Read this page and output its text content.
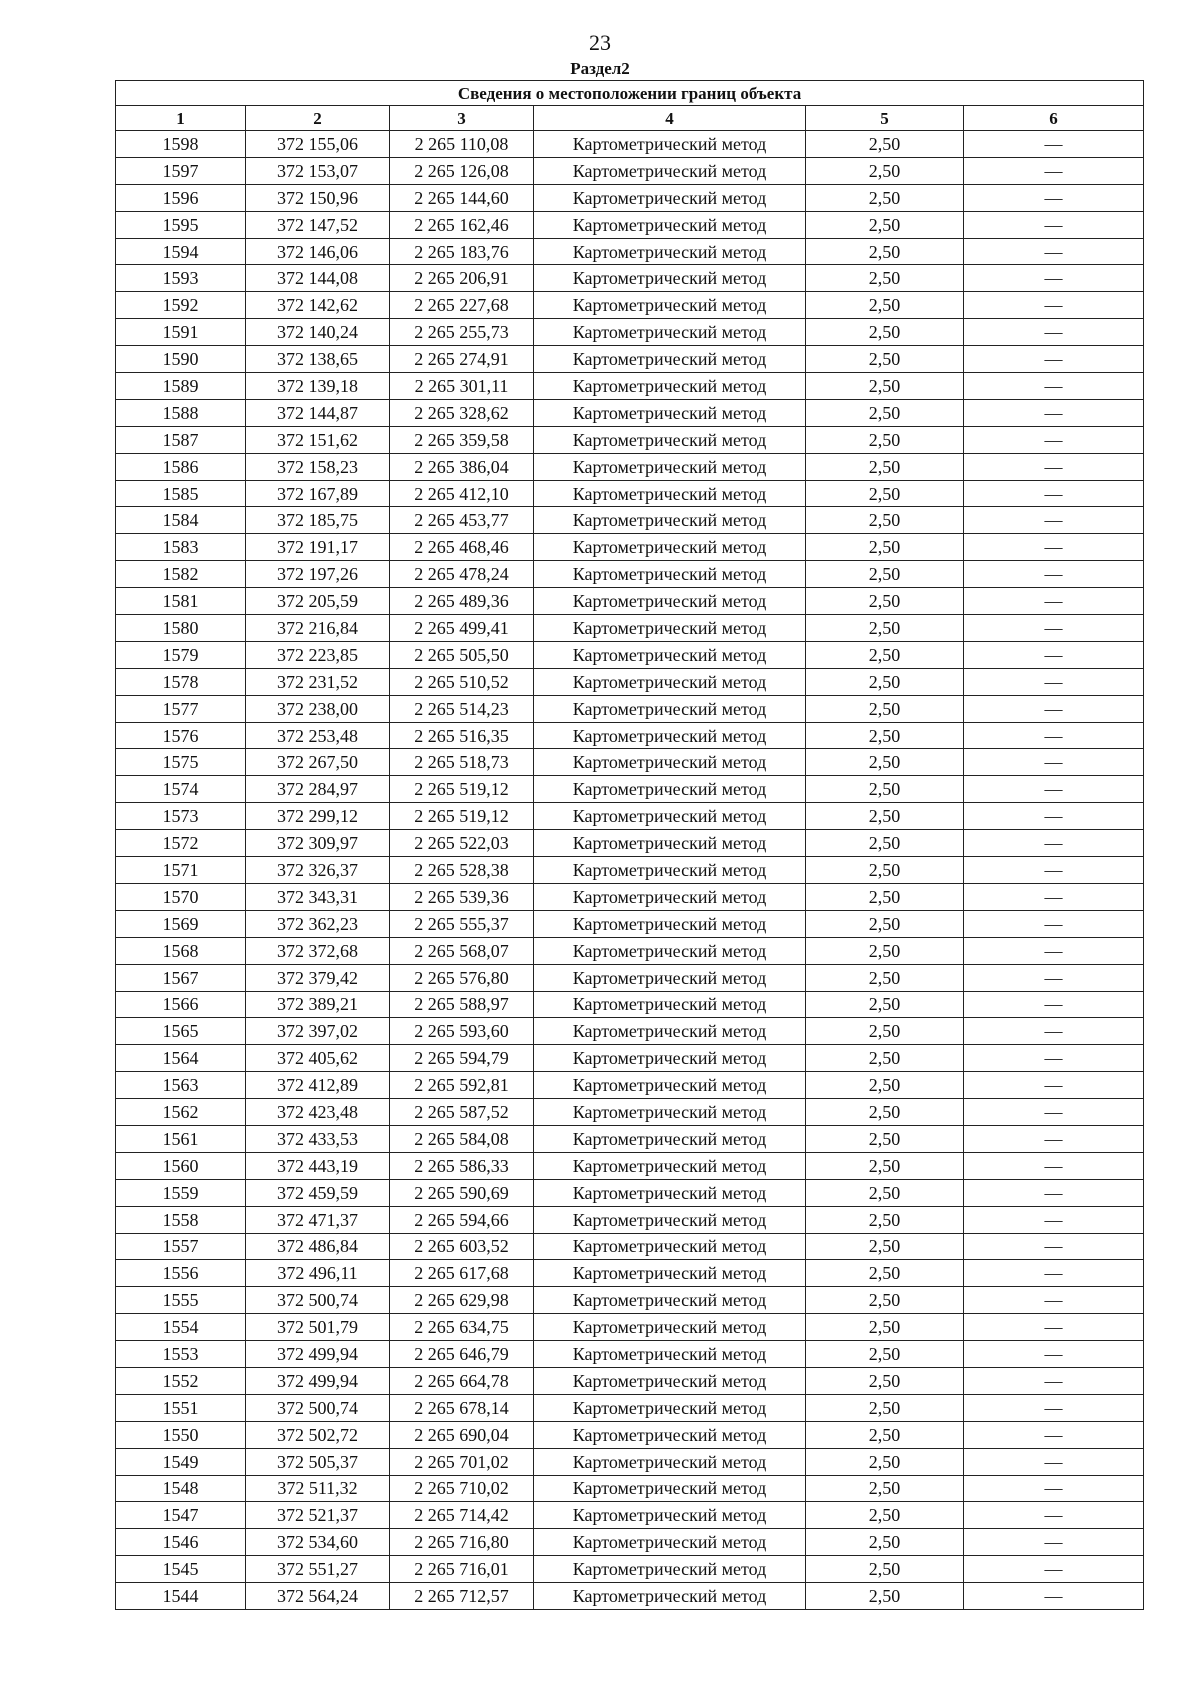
23
Раздел2
Сведения о местоположении границ объекта					
1	2	3	4	5	6
1598	372 155,06	2 265 110,08	Картометрический метод	2,50	—
1597	372 153,07	2 265 126,08	Картометрический метод	2,50	—
1596	372 150,96	2 265 144,60	Картометрический метод	2,50	—
1595	372 147,52	2 265 162,46	Картометрический метод	2,50	—
1594	372 146,06	2 265 183,76	Картометрический метод	2,50	—
1593	372 144,08	2 265 206,91	Картометрический метод	2,50	—
1592	372 142,62	2 265 227,68	Картометрический метод	2,50	—
1591	372 140,24	2 265 255,73	Картометрический метод	2,50	—
1590	372 138,65	2 265 274,91	Картометрический метод	2,50	—
1589	372 139,18	2 265 301,11	Картометрический метод	2,50	—
1588	372 144,87	2 265 328,62	Картометрический метод	2,50	—
1587	372 151,62	2 265 359,58	Картометрический метод	2,50	—
1586	372 158,23	2 265 386,04	Картометрический метод	2,50	—
1585	372 167,89	2 265 412,10	Картометрический метод	2,50	—
1584	372 185,75	2 265 453,77	Картометрический метод	2,50	—
1583	372 191,17	2 265 468,46	Картометрический метод	2,50	—
1582	372 197,26	2 265 478,24	Картометрический метод	2,50	—
1581	372 205,59	2 265 489,36	Картометрический метод	2,50	—
1580	372 216,84	2 265 499,41	Картометрический метод	2,50	—
1579	372 223,85	2 265 505,50	Картометрический метод	2,50	—
1578	372 231,52	2 265 510,52	Картометрический метод	2,50	—
1577	372 238,00	2 265 514,23	Картометрический метод	2,50	—
1576	372 253,48	2 265 516,35	Картометрический метод	2,50	—
1575	372 267,50	2 265 518,73	Картометрический метод	2,50	—
1574	372 284,97	2 265 519,12	Картометрический метод	2,50	—
1573	372 299,12	2 265 519,12	Картометрический метод	2,50	—
1572	372 309,97	2 265 522,03	Картометрический метод	2,50	—
1571	372 326,37	2 265 528,38	Картометрический метод	2,50	—
1570	372 343,31	2 265 539,36	Картометрический метод	2,50	—
1569	372 362,23	2 265 555,37	Картометрический метод	2,50	—
1568	372 372,68	2 265 568,07	Картометрический метод	2,50	—
1567	372 379,42	2 265 576,80	Картометрический метод	2,50	—
1566	372 389,21	2 265 588,97	Картометрический метод	2,50	—
1565	372 397,02	2 265 593,60	Картометрический метод	2,50	—
1564	372 405,62	2 265 594,79	Картометрический метод	2,50	—
1563	372 412,89	2 265 592,81	Картометрический метод	2,50	—
1562	372 423,48	2 265 587,52	Картометрический метод	2,50	—
1561	372 433,53	2 265 584,08	Картометрический метод	2,50	—
1560	372 443,19	2 265 586,33	Картометрический метод	2,50	—
1559	372 459,59	2 265 590,69	Картометрический метод	2,50	—
1558	372 471,37	2 265 594,66	Картометрический метод	2,50	—
1557	372 486,84	2 265 603,52	Картометрический метод	2,50	—
1556	372 496,11	2 265 617,68	Картометрический метод	2,50	—
1555	372 500,74	2 265 629,98	Картометрический метод	2,50	—
1554	372 501,79	2 265 634,75	Картометрический метод	2,50	—
1553	372 499,94	2 265 646,79	Картометрический метод	2,50	—
1552	372 499,94	2 265 664,78	Картометрический метод	2,50	—
1551	372 500,74	2 265 678,14	Картометрический метод	2,50	—
1550	372 502,72	2 265 690,04	Картометрический метод	2,50	—
1549	372 505,37	2 265 701,02	Картометрический метод	2,50	—
1548	372 511,32	2 265 710,02	Картометрический метод	2,50	—
1547	372 521,37	2 265 714,42	Картометрический метод	2,50	—
1546	372 534,60	2 265 716,80	Картометрический метод	2,50	—
1545	372 551,27	2 265 716,01	Картометрический метод	2,50	—
1544	372 564,24	2 265 712,57	Картометрический метод	2,50	—
